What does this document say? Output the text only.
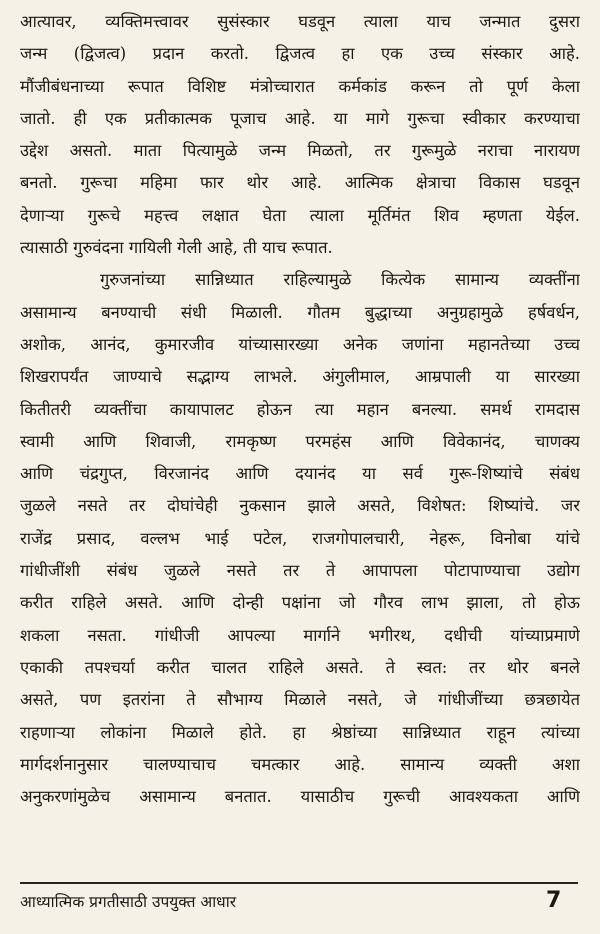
आत्यावर, व्यक्तिमत्त्वावर सुसंस्कार घडवून त्याला याच जन्मात दुसरा
जन्म (द्विजत्व) प्रदान करतो. द्विजत्व हा एक उच्च संस्कार आहे.
मौंजीबंधनाच्या रूपात विशिष्ट मंत्रोच्चारात कर्मकांड करून तो पूर्ण केला
जातो. ही एक प्रतीकात्मक पूजाच आहे. या मागे गुरूचा स्वीकार करण्याचा
उद्देश असतो. माता पित्यामुळे जन्म मिळतो, तर गुरूमुळे नराचा नारायण
बनतो. गुरूचा महिमा फार थोर आहे. आत्मिक क्षेत्राचा विकास घडवून
देणाऱ्या गुरूचे महत्त्व लक्षात घेता त्याला मूर्तिमंत शिव म्हणता येईल.
त्यासाठी गुरुवंदना गायिली गेली आहे, ती याच रूपात.
गुरुजनांच्या सान्निध्यात राहिल्यामुळे कित्येक सामान्य व्यक्तींना
असामान्य बनण्याची संधी मिळाली. गौतम बुद्धाच्या अनुग्रहामुळे हर्षवर्धन,
अशोक, आनंद, कुमारजीव यांच्यासारख्या अनेक जणांना महानतेच्या उच्च
शिखरापर्यंत जाण्याचे सद्भाग्य लाभले. अंगुलीमाल, आम्रपाली या सारख्या
कितीतरी व्यक्तींचा कायापालट होऊन त्या महान बनल्या. समर्थ रामदास
स्वामी आणि शिवाजी, रामकृष्ण परमहंस आणि विवेकानंद, चाणक्य
आणि चंद्रगुप्त, विरजानंद आणि दयानंद या सर्व गुरू-शिष्यांचे संबंध
जुळले नसते तर दोघांचेही नुकसान झाले असते, विशेषत: शिष्यांचे. जर
राजेंद्र प्रसाद, वल्लभ भाई पटेल, राजगोपालचारी, नेहरू, विनोबा यांचे
गांधीजींशी संबंध जुळले नसते तर ते आपापला पोटापाण्याचा उद्योग
करीत राहिले असते. आणि दोन्ही पक्षांना जो गौरव लाभ झाला, तो होऊ
शकला नसता. गांधीजी आपल्या मार्गाने भगीरथ, दधीची यांच्याप्रमाणे
एकाकी तपश्चर्या करीत चालत राहिले असते. ते स्वत: तर थोर बनले
असते, पण इतरांना ते सौभाग्य मिळाले नसते, जे गांधीजींच्या छत्रछायेत
राहणाऱ्या लोकांना मिळाले होते. हा श्रेष्ठांच्या सान्निध्यात राहून त्यांच्या
मार्गदर्शनानुसार चालण्याचाच चमत्कार आहे. सामान्य व्यक्ती अशा
अनुकरणांमुळेच असामान्य बनतात. यासाठीच गुरूची आवश्यकता आणि
आध्यात्मिक प्रगतीसाठी उपयुक्त आधार	7
